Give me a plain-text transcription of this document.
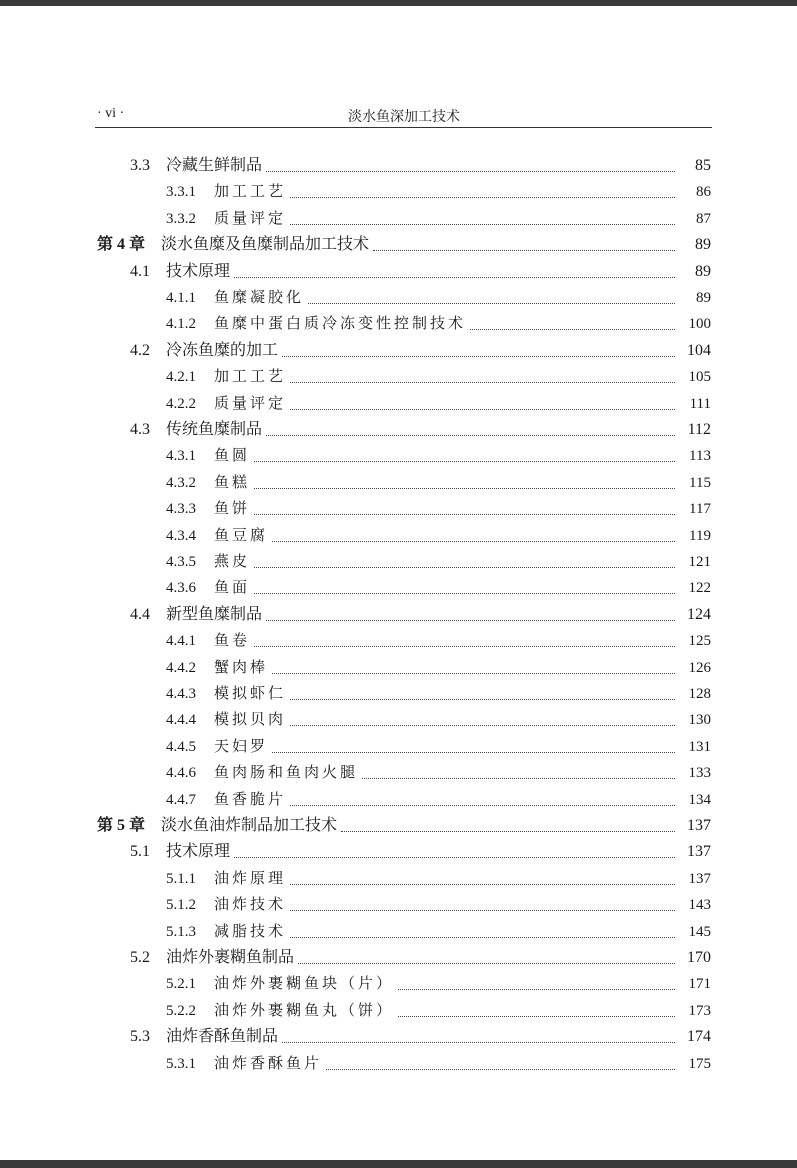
· vi ·	淡水鱼深加工技术
3.3 冷藏生鲜制品	85
3.3.1 加工工艺	86
3.3.2 质量评定	87
第 4 章 淡水鱼糜及鱼糜制品加工技术	89
4.1 技术原理	89
4.1.1 鱼糜凝胶化	89
4.1.2 鱼糜中蛋白质冷冻变性控制技术	100
4.2 冷冻鱼糜的加工	104
4.2.1 加工工艺	105
4.2.2 质量评定	111
4.3 传统鱼糜制品	112
4.3.1 鱼圆	113
4.3.2 鱼糕	115
4.3.3 鱼饼	117
4.3.4 鱼豆腐	119
4.3.5 燕皮	121
4.3.6 鱼面	122
4.4 新型鱼糜制品	124
4.4.1 鱼卷	125
4.4.2 蟹肉棒	126
4.4.3 模拟虾仁	128
4.4.4 模拟贝肉	130
4.4.5 天妇罗	131
4.4.6 鱼肉肠和鱼肉火腿	133
4.4.7 鱼香脆片	134
第 5 章 淡水鱼油炸制品加工技术	137
5.1 技术原理	137
5.1.1 油炸原理	137
5.1.2 油炸技术	143
5.1.3 减脂技术	145
5.2 油炸外裹糊鱼制品	170
5.2.1 油炸外裹糊鱼块（片）	171
5.2.2 油炸外裹糊鱼丸（饼）	173
5.3 油炸香酥鱼制品	174
5.3.1 油炸香酥鱼片	175
